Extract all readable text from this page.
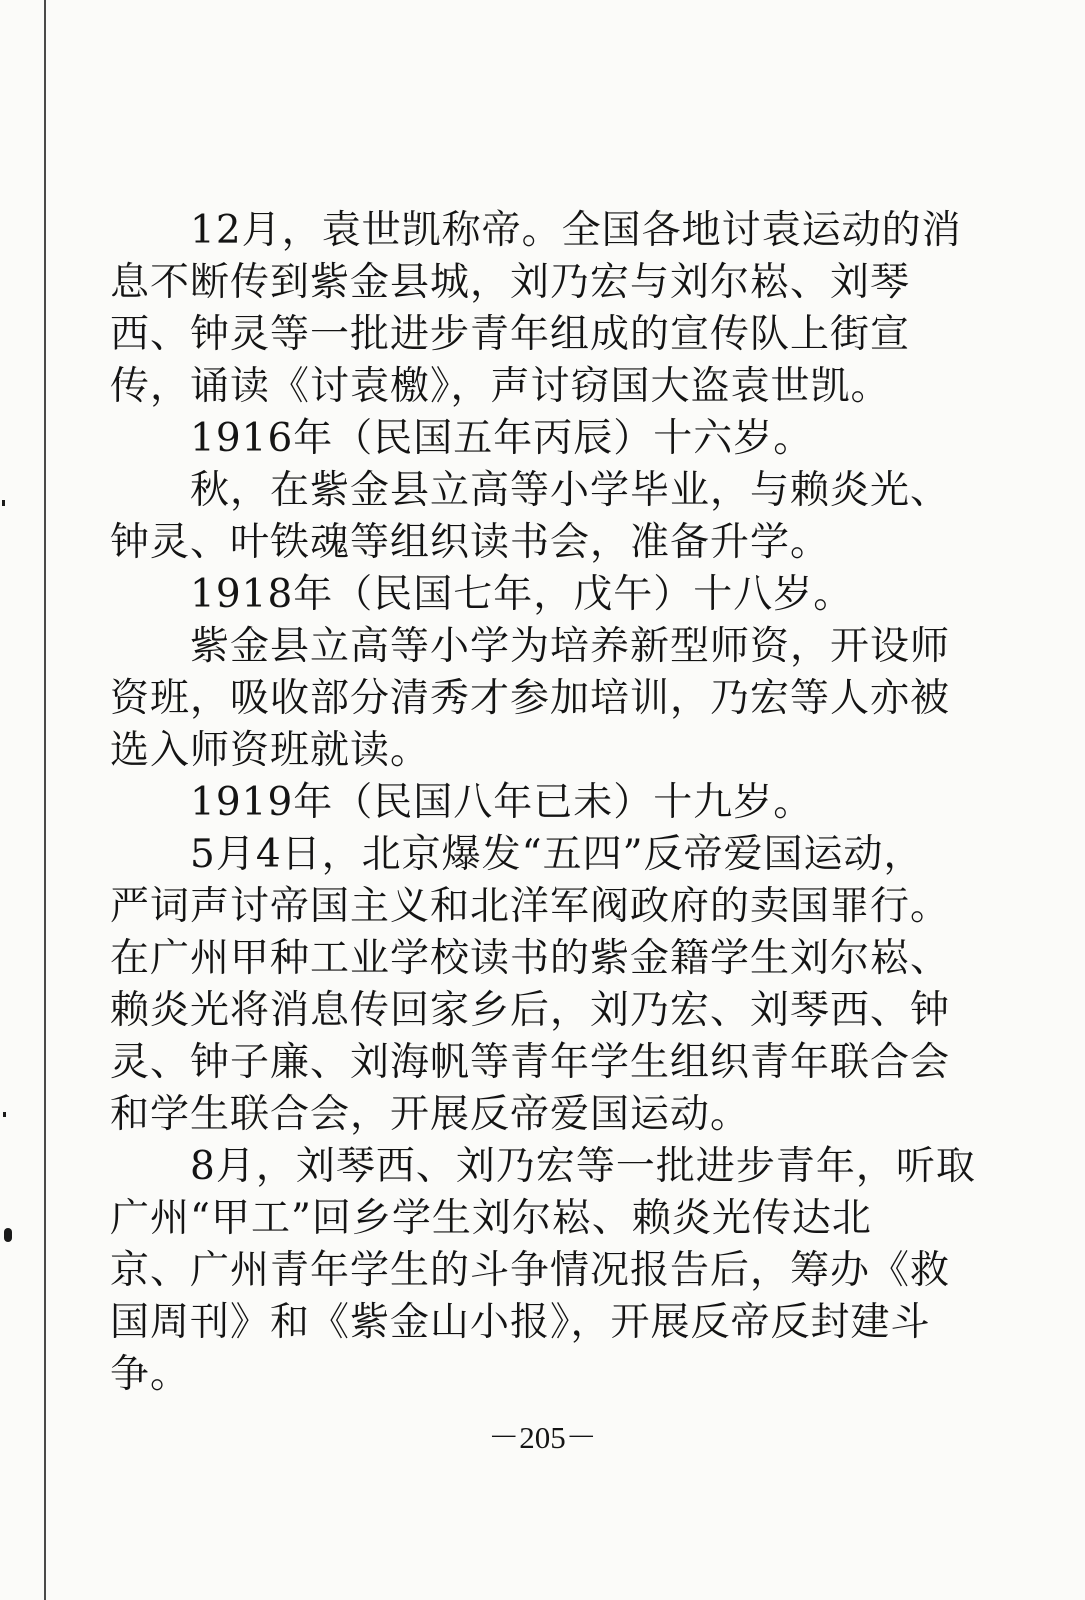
12月，袁世凯称帝。全国各地讨袁运动的消
息不断传到紫金县城，刘乃宏与刘尔崧、刘琴
西、钟灵等一批进步青年组成的宣传队上街宣
传，诵读《讨袁檄》，声讨窃国大盗袁世凯。
1916年（民国五年丙辰）十六岁。
秋，在紫金县立高等小学毕业，与赖炎光、
钟灵、叶铁魂等组织读书会，准备升学。
1918年（民国七年，戊午）十八岁。
紫金县立高等小学为培养新型师资，开设师
资班，吸收部分清秀才参加培训，乃宏等人亦被
选入师资班就读。
1919年（民国八年已未）十九岁。
5月4日，北京爆发“五四”反帝爱国运动，
严词声讨帝国主义和北洋军阀政府的卖国罪行。
在广州甲种工业学校读书的紫金籍学生刘尔崧、
赖炎光将消息传回家乡后，刘乃宏、刘琴西、钟
灵、钟子廉、刘海帆等青年学生组织青年联合会
和学生联合会，开展反帝爱国运动。
8月，刘琴西、刘乃宏等一批进步青年，听取
广州“甲工”回乡学生刘尔崧、赖炎光传达北
京、广州青年学生的斗争情况报告后，筹办《救
国周刊》和《紫金山小报》，开展反帝反封建斗
争。
－205－
